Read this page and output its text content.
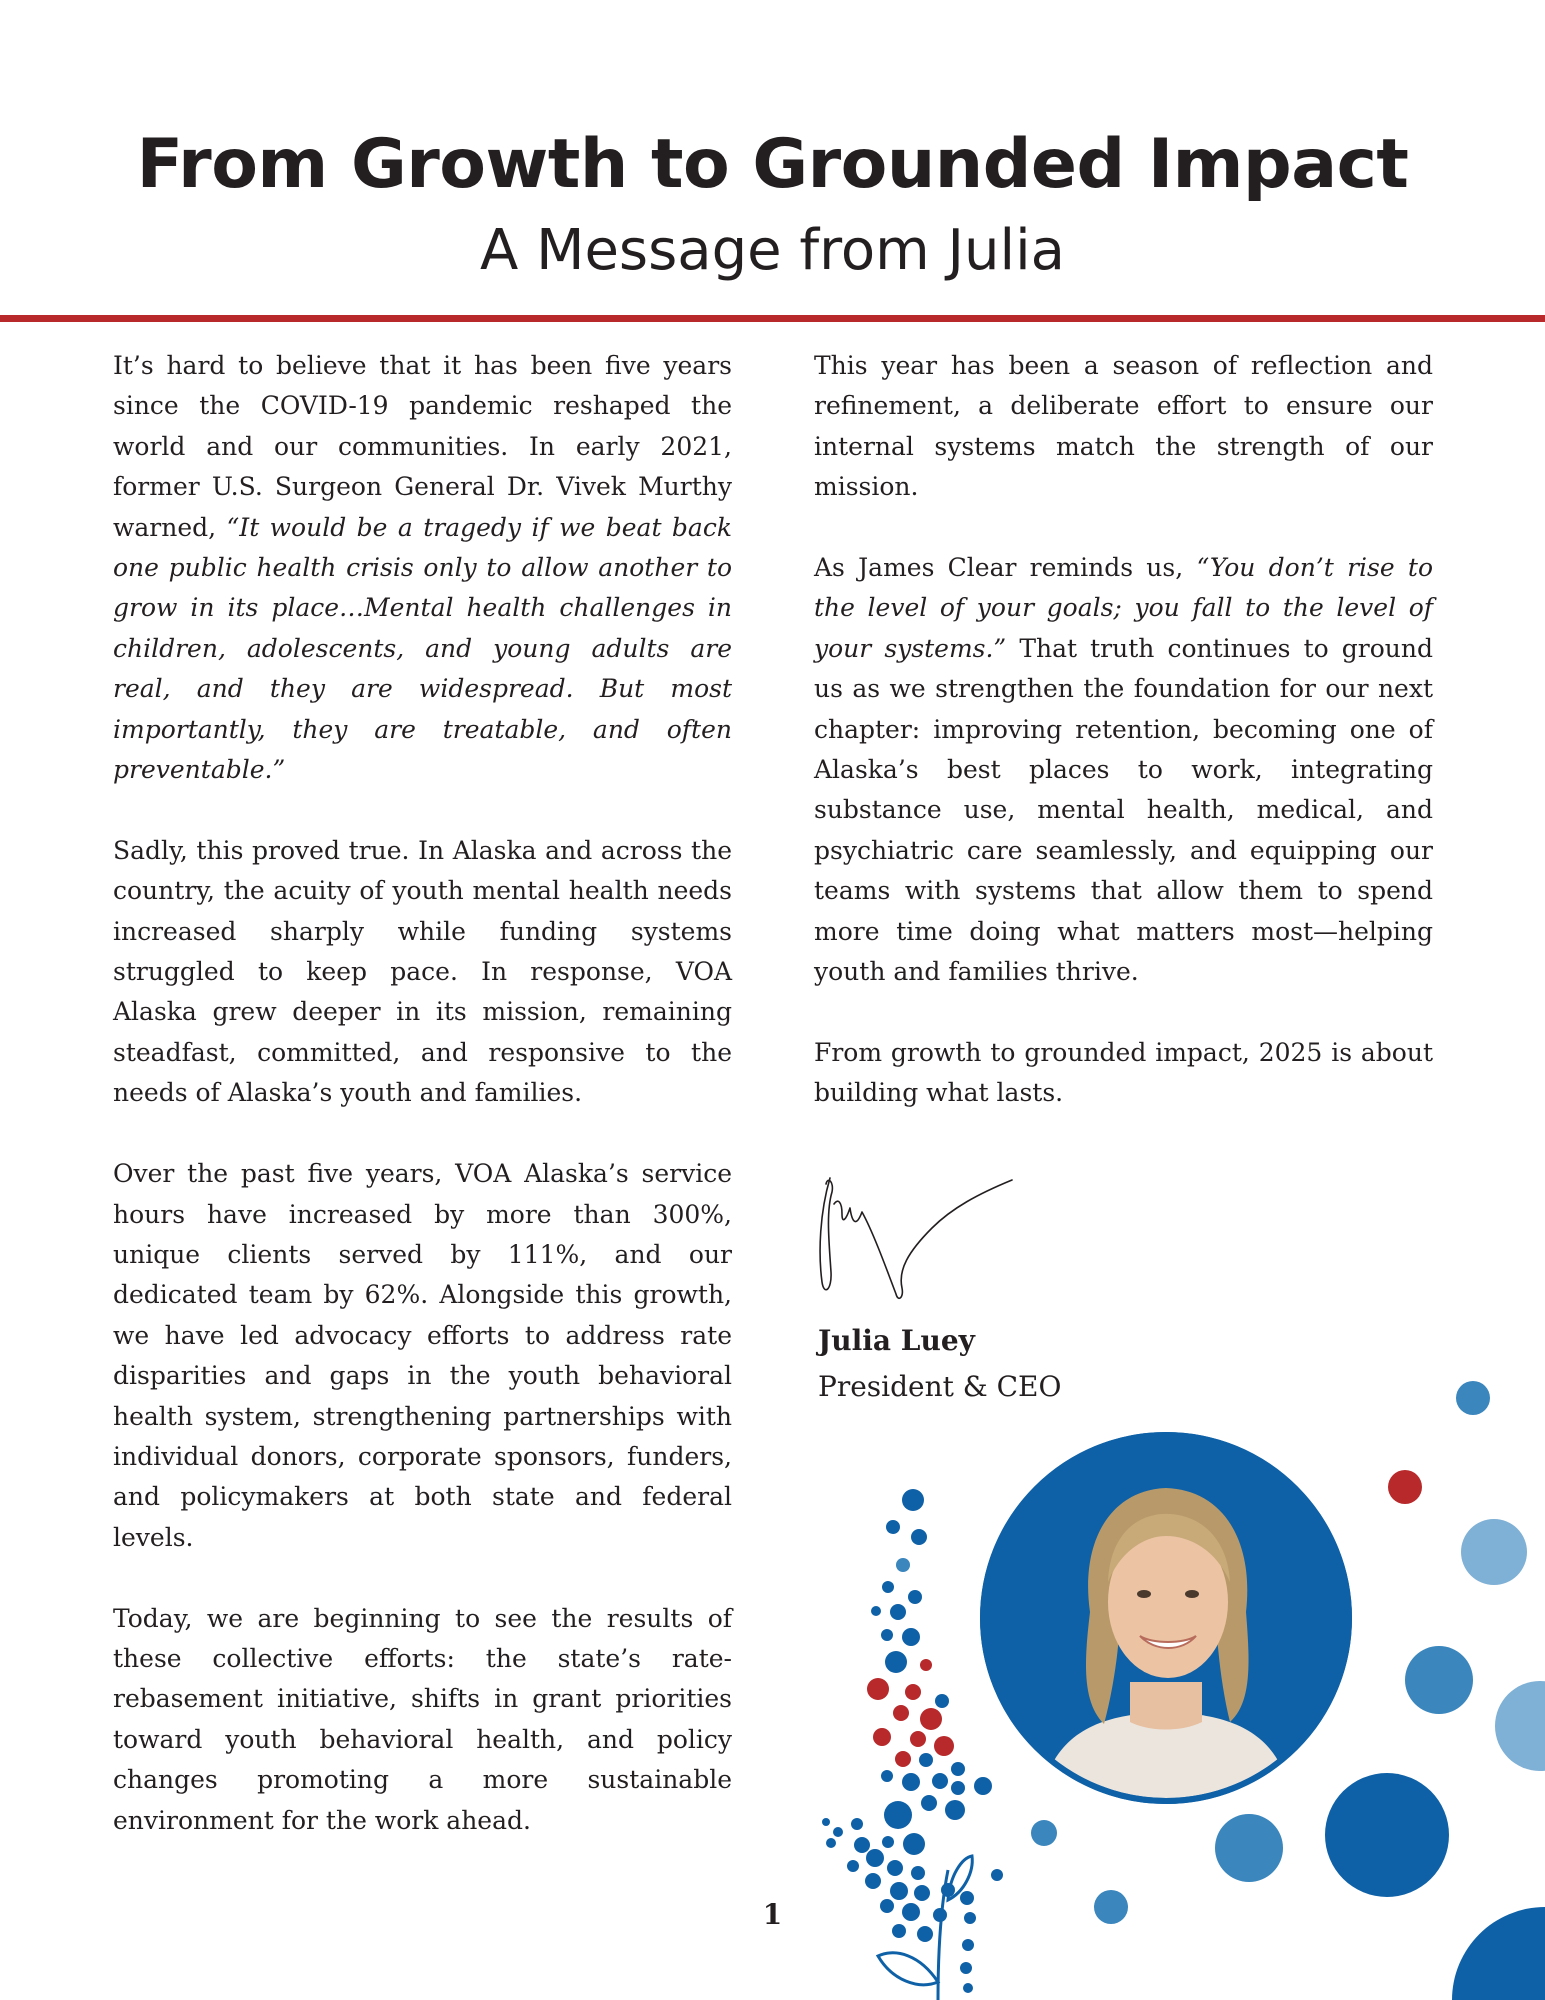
From Growth to Grounded Impact
A Message from Julia

It’s hard to believe that it has been five years since the COVID-19 pandemic reshaped the world and our communities. In early 2021, former U.S. Surgeon General Dr. Vivek Murthy warned, “It would be a tragedy if we beat back one public health crisis only to allow another to grow in its place…Mental health challenges in children, adolescents, and young adults are real, and they are widespread. But most importantly, they are treatable, and often preventable.”

Sadly, this proved true. In Alaska and across the country, the acuity of youth mental health needs increased sharply while funding systems struggled to keep pace. In response, VOA Alaska grew deeper in its mission, remaining steadfast, committed, and responsive to the needs of Alaska’s youth and families.

Over the past five years, VOA Alaska’s service hours have increased by more than 300%, unique clients served by 111%, and our dedicated team by 62%. Alongside this growth, we have led advocacy efforts to address rate disparities and gaps in the youth behavioral health system, strengthening partnerships with individual donors, corporate sponsors, funders, and policymakers at both state and federal levels.

Today, we are beginning to see the results of these collective efforts: the state’s rate-rebasement initiative, shifts in grant priorities toward youth behavioral health, and policy changes promoting a more sustainable environment for the work ahead.

This year has been a season of reflection and refinement, a deliberate effort to ensure our internal systems match the strength of our mission.

As James Clear reminds us, “You don’t rise to the level of your goals; you fall to the level of your systems.” That truth continues to ground us as we strengthen the foundation for our next chapter: improving retention, becoming one of Alaska’s best places to work, integrating substance use, mental health, medical, and psychiatric care seamlessly, and equipping our teams with systems that allow them to spend more time doing what matters most—helping youth and families thrive.

From growth to grounded impact, 2025 is about building what lasts.

Julia Luey
President & CEO
1
